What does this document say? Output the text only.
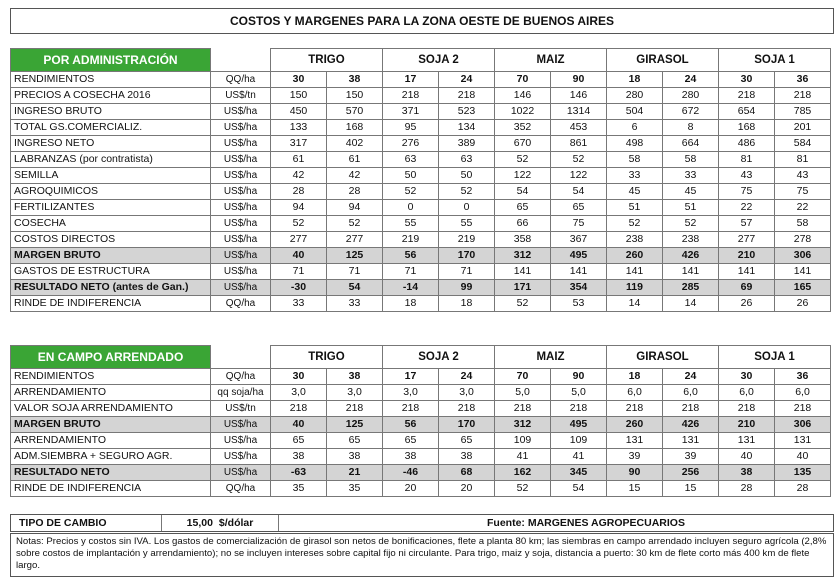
COSTOS Y MARGENES PARA LA ZONA OESTE DE BUENOS AIRES
POR ADMINISTRACIÓN		TRIGO		SOJA 2		MAIZ		GIRASOL		SOJA 1	
RENDIMIENTOS	QQ/ha	30	38	17	24	70	90	18	24	30	36
PRECIOS A COSECHA 2016	US$/tn	150	150	218	218	146	146	280	280	218	218
INGRESO BRUTO	US$/ha	450	570	371	523	1022	1314	504	672	654	785
TOTAL GS.COMERCIALIZ.	US$/ha	133	168	95	134	352	453	6	8	168	201
INGRESO NETO	US$/ha	317	402	276	389	670	861	498	664	486	584
LABRANZAS (por contratista)	US$/ha	61	61	63	63	52	52	58	58	81	81
SEMILLA	US$/ha	42	42	50	50	122	122	33	33	43	43
AGROQUIMICOS	US$/ha	28	28	52	52	54	54	45	45	75	75
FERTILIZANTES	US$/ha	94	94	0	0	65	65	51	51	22	22
COSECHA	US$/ha	52	52	55	55	66	75	52	52	57	58
COSTOS DIRECTOS	US$/ha	277	277	219	219	358	367	238	238	277	278
MARGEN BRUTO	US$/ha	40	125	56	170	312	495	260	426	210	306
GASTOS DE ESTRUCTURA	US$/ha	71	71	71	71	141	141	141	141	141	141
RESULTADO NETO (antes de Gan.)	US$/ha	-30	54	-14	99	171	354	119	285	69	165
RINDE DE INDIFERENCIA	QQ/ha	33	33	18	18	52	53	14	14	26	26
EN CAMPO ARRENDADO		TRIGO		SOJA 2		MAIZ		GIRASOL		SOJA 1	
RENDIMIENTOS	QQ/ha	30	38	17	24	70	90	18	24	30	36
ARRENDAMIENTO	qq soja/ha	3,0	3,0	3,0	3,0	5,0	5,0	6,0	6,0	6,0	6,0
VALOR SOJA ARRENDAMIENTO	US$/tn	218	218	218	218	218	218	218	218	218	218
MARGEN BRUTO	US$/ha	40	125	56	170	312	495	260	426	210	306
ARRENDAMIENTO	US$/ha	65	65	65	65	109	109	131	131	131	131
ADM.SIEMBRA + SEGURO AGR.	US$/ha	38	38	38	38	41	41	39	39	40	40
RESULTADO NETO	US$/ha	-63	21	-46	68	162	345	90	256	38	135
RINDE DE INDIFERENCIA	QQ/ha	35	35	20	20	52	54	15	15	28	28
TIPO DE CAMBIO	15,00 $/dólar	Fuente: MARGENES AGROPECUARIOS
Notas: Precios y costos sin IVA. Los gastos de comercialización de girasol son netos de bonificaciones, flete a planta 80 km; las siembras en campo arrendado incluyen seguro agrícola (2,8% sobre costos de implantación y arrendamiento); no se incluyen intereses sobre capital fijo ni circulante. Para trigo, maiz y soja, distancia a puerto: 30 km de flete corto más 400 km de flete largo.
